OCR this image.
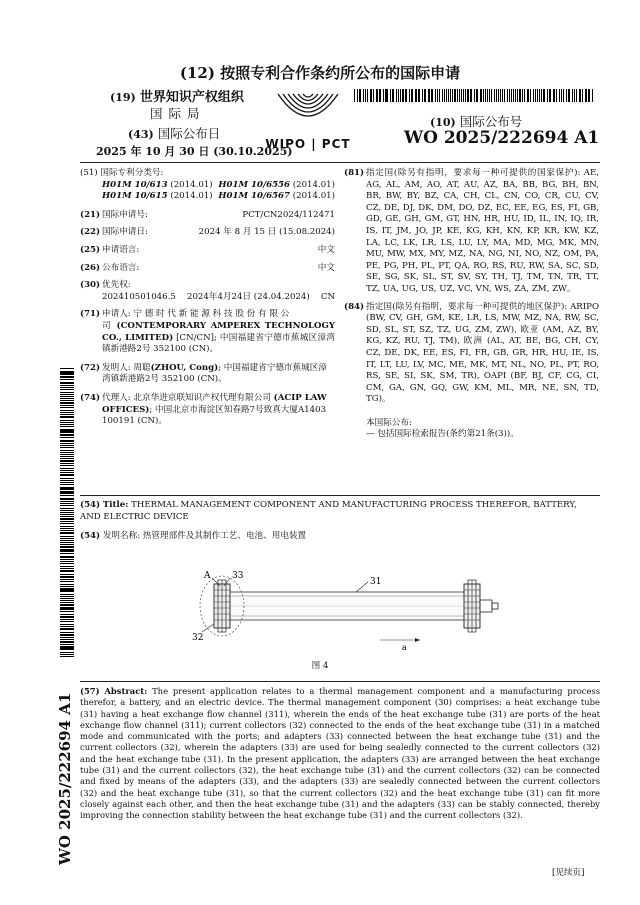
(12) 按照专利合作条约所公布的国际申请
(19) 世界知识产权组织
国 际 局
(43) 国际公布日
2025 年 10 月 30 日 (30.10.2025)
WIPO | PCT
(10) 国际公布号
WO 2025/222694 A1
(51) 国际专利分类号:
H01M 10/613 (2014.01) H01M 10/6556 (2014.01)
H01M 10/615 (2014.01) H01M 10/6567 (2014.01)
(21) 国际申请号:	PCT/CN2024/112471
(22) 国际申请日:	2024 年 8 月 15 日 (15.08.2024)
(25) 申请语言:	中文
(26) 公布语言:	中文
(30) 优先权:
202410501046.5 2024年4月24日 (24.04.2024) CN
(71) 申请人: 宁 德 时 代 新 能 源 科 技 股 份 有 限 公
司 (CONTEMPORARY AMPEREX TECHNOLOGY CO., LIMITED) [CN/CN]; 中国福建省宁德市蕉城区漳湾镇新港路2号 352100 (CN)。
(72) 发明人: 周聪(ZHOU, Cong); 中国福建省宁德市蕉城区漳湾镇新港路2号 352100 (CN)。
(74) 代理人: 北京华进京联知识产权代理有限公司 (ACIP LAW OFFICES); 中国北京市海淀区知春路7号致真大厦A1403 100191 (CN)。
(81) 指定国(除另有指明，要求每一种可提供的国家保护): AE, AG, AL, AM, AO, AT, AU, AZ, BA, BB, BG, BH, BN, BR, BW, BY, BZ, CA, CH, CL, CN, CO, CR, CU, CV, CZ, DE, DJ, DK, DM, DO, DZ, EC, EE, EG, ES, FI, GB, GD, GE, GH, GM, GT, HN, HR, HU, ID, IL, IN, IQ, IR, IS, IT, JM, JO, JP, KE, KG, KH, KN, KP, KR, KW, KZ, LA, LC, LK, LR, LS, LU, LY, MA, MD, MG, MK, MN, MU, MW, MX, MY, MZ, NA, NG, NI, NO, NZ, OM, PA, PE, PG, PH, PL, PT, QA, RO, RS, RU, RW, SA, SC, SD, SE, SG, SK, SL, ST, SV, SY, TH, TJ, TM, TN, TR, TT, TZ, UA, UG, US, UZ, VC, VN, WS, ZA, ZM, ZW。
(84) 指定国(除另有指明，要求每一种可提供的地区保护): ARIPO (BW, CV, GH, GM, KE, LR, LS, MW, MZ, NA, RW, SC, SD, SL, ST, SZ, TZ, UG, ZM, ZW), 欧亚 (AM, AZ, BY, KG, KZ, RU, TJ, TM), 欧洲 (AL, AT, BE, BG, CH, CY, CZ, DE, DK, EE, ES, FI, FR, GB, GR, HR, HU, IE, IS, IT, LT, LU, LV, MC, ME, MK, MT, NL, NO, PL, PT, RO, RS, SE, SI, SK, SM, TR), OAPI (BF, BJ, CF, CG, CI, CM, GA, GN, GQ, GW, KM, ML, MR, NE, SN, TD, TG)。
本国际公布:
— 包括国际检索报告(条约第21条(3))。
(54) Title: THERMAL MANAGEMENT COMPONENT AND MANUFACTURING PROCESS THEREFOR, BATTERY, AND ELECTRIC DEVICE
(54) 发明名称: 热管理部件及其制作工艺、电池、用电装置
A 33
31
32
a
图 4
(57) Abstract: The present application relates to a thermal management component and a manufacturing process therefor, a battery, and an electric device. The thermal management component (30) comprises: a heat exchange tube (31) having a heat exchange flow channel (311), wherein the ends of the heat exchange tube (31) are ports of the heat exchange flow channel (311); current collectors (32) connected to the ends of the heat exchange tube (31) in a matched mode and communicated with the ports; and adapters (33) connected between the heat exchange tube (31) and the current collectors (32), wherein the adapters (33) are used for being sealedly connected to the current collectors (32) and the heat exchange tube (31). In the present application, the adapters (33) are arranged between the heat exchange tube (31) and the current collectors (32), the heat exchange tube (31) and the current collectors (32) can be connected and fixed by means of the adapters (33), and the adapters (33) are sealedly connected between the current collectors (32) and the heat exchange tube (31), so that the current collectors (32) and the heat exchange tube (31) can fit more closely against each other, and then the heat exchange tube (31) and the adapters (33) can be stably connected, thereby improving the connection stability between the heat exchange tube (31) and the current collectors (32).
WO 2025/222694 A1
[见续页]
